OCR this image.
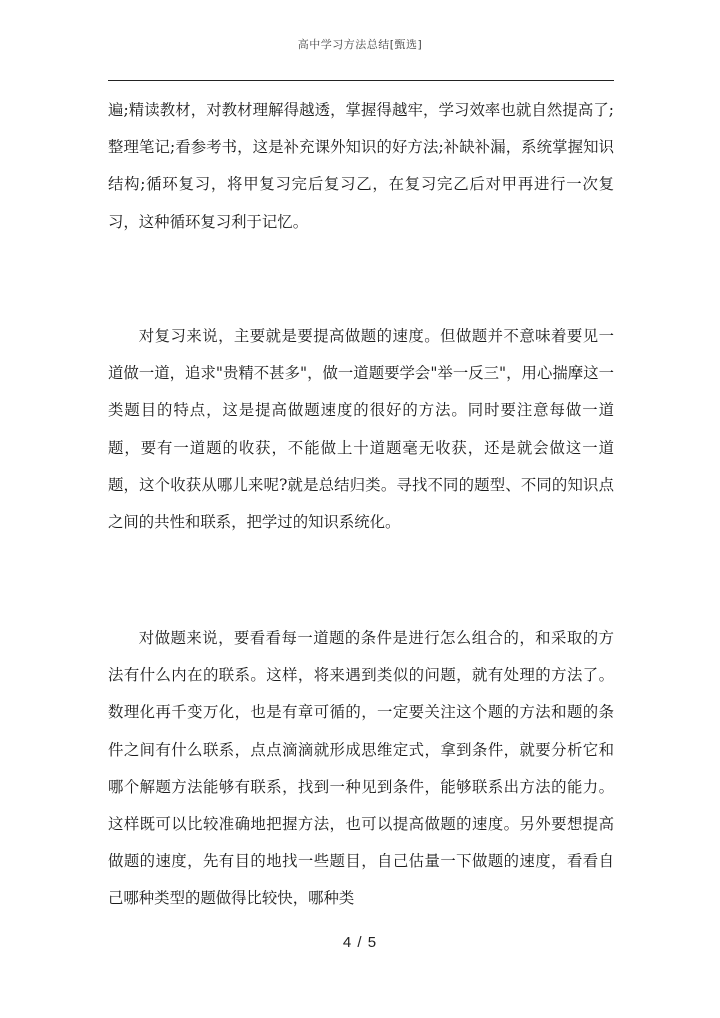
高中学习方法总结[甄选]

遍;精读教材，对教材理解得越透，掌握得越牢，学习效率也就自然提高了;整理笔记;看参考书，这是补充课外知识的好方法;补缺补漏，系统掌握知识结构;循环复习，将甲复习完后复习乙，在复习完乙后对甲再进行一次复习，这种循环复习利于记忆。

对复习来说，主要就是要提高做题的速度。但做题并不意味着要见一道做一道，追求"贵精不甚多"，做一道题要学会"举一反三"，用心揣摩这一类题目的特点，这是提高做题速度的很好的方法。同时要注意每做一道题，要有一道题的收获，不能做上十道题毫无收获，还是就会做这一道题，这个收获从哪儿来呢?就是总结归类。寻找不同的题型、不同的知识点之间的共性和联系，把学过的知识系统化。

对做题来说，要看看每一道题的条件是进行怎么组合的，和采取的方法有什么内在的联系。这样，将来遇到类似的问题，就有处理的方法了。数理化再千变万化，也是有章可循的，一定要关注这个题的方法和题的条件之间有什么联系，点点滴滴就形成思维定式，拿到条件，就要分析它和哪个解题方法能够有联系，找到一种见到条件，能够联系出方法的能力。这样既可以比较准确地把握方法，也可以提高做题的速度。另外要想提高做题的速度，先有目的地找一些题目，自己估量一下做题的速度，看看自己哪种类型的题做得比较快，哪种类

4 / 5
